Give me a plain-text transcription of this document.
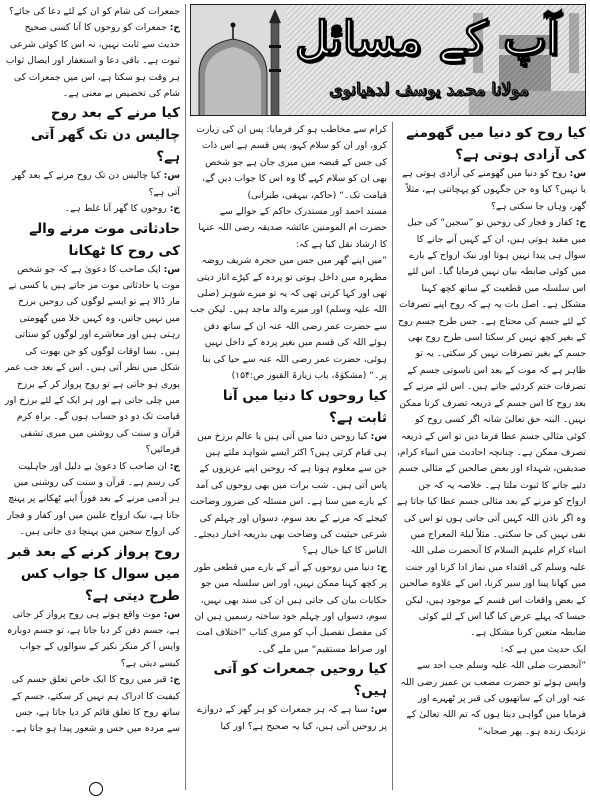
آپ کے مسائل
مولانا محمد یوسف لدھیانوی

کیا روح کو دنیا میں گھومنے کی آزادی ہوتی ہے؟

س: روح کو دنیا میں گھومنے کی آزادی ہوتی ہے یا نہیں؟ کیا وہ جن جگہوں کو پہچانتی ہے، مثلاً گھر، وہاں جا سکتی ہے؟

ج: کفار و فجار کی روحیں تو ”سجین“ کی جیل میں مقید ہوتی ہیں، ان کے کہیں آنے جانے کا سوال ہی پیدا نہیں ہوتا اور نیک ارواح کے بارے میں کوئی ضابطہ بیان نہیں فرمایا گیا۔ اس لئے اس سلسلہ میں قطعیت کے ساتھ کچھ کہنا مشکل ہے۔ اصل بات یہ ہے کہ روح اپنے تصرفات کے لئے جسم کی محتاج ہے۔ جس طرح جسم روح کے بغیر کچھ نہیں کر سکتا اسی طرح روح بھی جسم کے بغیر تصرفات نہیں کر سکتی۔ یہ تو ظاہر ہے کہ موت کے بعد اس ناسوتی جسم کے تصرفات ختم کردئیے جاتے ہیں۔ اس لئے مرنے کے بعد روح کا اس جسم کے ذریعہ تصرف کرنا ممکن نہیں۔ البتہ حق تعالیٰ شانہ اگر کسی روح کو کوئی مثالی جسم عطا فرما دیں تو اس کے ذریعہ تصرف ممکن ہے۔ چنانچہ احادیث میں انبیاء کرام، صدیقین، شہداء اور بعض صالحین کے مثالی جسم دئیے جانے کا ثبوت ملتا ہے۔ خلاصہ یہ کہ جن ارواح کو مرنے کے بعد مثالی جسم عطا کیا جاتا ہے وہ اگر باذن اللہ کہیں آتی جاتی ہوں تو اس کی نفی نہیں کی جا سکتی۔ مثلاً لیلۃ المعراج میں انبیاء کرام علیہم السلام کا آنحضرت صلی اللہ علیہ وسلم کی اقتداء میں نماز ادا کرنا اور جنت میں کھانا پینا اور سیر کرنا، اس کے علاوہ صالحین کے بعض واقعات اس قسم کے موجود ہیں، لیکن جیسا کہ پہلے عرض کیا گیا اس کے لئے کوئی ضابطہ متعین کرنا مشکل ہے۔

ایک حدیث میں ہے کہ:

”آنحضرت صلی اللہ علیہ وسلم جب احد سے واپس ہوئے تو حضرت مصعب بن عمیر رضی اللہ عنہ اور ان کے ساتھیوں کی قبر پر ٹھہرے اور فرمایا میں گواہی دیتا ہوں کہ تم اللہ تعالیٰ کے نزدیک زندہ ہو۔ پھر صحابہ“

کرام سے مخاطب ہو کر فرمایا: پس ان کی زیارت کرو، اور ان کو سلام کہو، پس قسم ہے اس ذات کی جس کے قبضہ میں میری جان ہے جو شخص بھی ان کو سلام کہے گا وہ اس کا جواب دیں گے، قیامت تک۔“ (حاکم، بیہقی، طبرانی)

مسند احمد اور مستدرک حاکم کے حوالے سے حضرت ام المومنین عائشہ صدیقہ رضی اللہ عنہا کا ارشاد نقل کیا ہے کہ:

”میں اپنے گھر میں جس میں حجرہ شریف روضہ مطہرہ میں داخل ہوتی تو پردہ کے کپڑے اتار دیتی تھی اور کہا کرتی تھی کہ یہ تو میرے شوہر (صلی اللہ علیہ وسلم) اور میرے والد ماجد ہیں۔ لیکن جب سے حضرت عمر رضی اللہ عنہ ان کے ساتھ دفن ہوئے اللہ کی قسم میں بغیر پردہ کے داخل نہیں ہوئی، حضرت عمر رضی اللہ عنہ سے حیا کی بنا پر۔“ (مشکوٰۃ، باب زیارۃ القبور ص:۱۵۴)

کیا روحوں کا دنیا میں آنا ثابت ہے؟

س: کیا روحیں دنیا میں آتی ہیں یا عالم برزخ میں ہی قیام کرتی ہیں؟ اکثر ایسے شواہد ملتے ہیں جن سے معلوم ہوتا ہے کہ روحیں اپنے عزیزوں کے پاس آتی ہیں۔ شب برات میں بھی روحوں کی آمد کے بارے میں سنا ہے۔ اس مسئلہ کی ضرور وضاحت کیجئے کہ مرنے کے بعد سوم، دسواں اور چہلم کی شرعی حیثیت کی وضاحت بھی بذریعہ اخبار دیجئے۔

الناس کا کیا خیال ہے؟

ج: دنیا میں روحوں کے آنے کے بارے میں قطعی طور پر کچھ کہنا ممکن نہیں، اور اس سلسلہ میں جو حکایات بیان کی جاتی ہیں ان کی سند بھی نہیں، سوم، دسواں اور چہلم خود ساختہ رسمیں ہیں ان کی مفصل تفصیل آپ کو میری کتاب ”اختلاف امت اور صراط مستقیم“ میں ملے گی۔

کیا روحیں جمعرات کو آتی ہیں؟

س: سنا ہے کہ ہر جمعرات کو ہر گھر کے دروازے پر روحیں آتی ہیں، کیا یہ صحیح ہے؟ اور کیا

جمعرات کی شام کو ان کے لئے دعا کی جائے؟

ج: جمعرات کو روحوں کا آنا کسی صحیح حدیث سے ثابت نہیں، نہ اس کا کوئی شرعی ثبوت ہے۔ باقی دعا و استغفار اور ایصال ثواب ہر وقت ہو سکتا ہے، اس میں جمعرات کی شام کی تخصیص بے معنی ہے۔

کیا مرنے کے بعد روح چالیس دن تک گھر آتی ہے؟

س: کیا چالیس دن تک روح مرنے کے بعد گھر آتی ہے؟

ج: روحوں کا گھر آنا غلط ہے۔

حادثاتی موت مرنے والے کی روح کا ٹھکانا

س: ایک صاحب کا دعویٰ ہے کہ جو شخص موت یا حادثاتی موت مر جاتے ہیں یا کسی نے مار ڈالا ہے تو ایسے لوگوں کی روحیں برزخ میں نہیں جاتیں، وہ کہیں خلا میں گھومتی رہتی ہیں اور معاشرے اور لوگوں کو ستاتی ہیں۔ بسا اوقات لوگوں کو جن بھوت کی شکل میں نظر آتی ہیں۔ اس کے بعد جب عمر پوری ہو جاتی ہے تو روح پرواز کر کے برزخ میں چلی جاتی ہے اور ہر ایک کے لئے برزخ اور قیامت تک دو دو حساب ہوں گے۔ براہِ کرم قرآن و سنت کی روشنی میں میری تشفی فرمائیں؟

ج: ان صاحب کا دعویٰ بے دلیل اور جاہلیت کی رسم ہے۔ قرآن و سنت کی روشنی میں ہر آدمی مرنے کے بعد فوراً اپنے ٹھکانے پر پہنچ جاتا ہے، نیک ارواح علیین میں اور کفار و فجار کی ارواح سجین میں پہنچا دی جاتی ہیں۔

روح پرواز کرنے کے بعد قبر میں سوال کا جواب کس طرح دیتی ہے؟

س: موت واقع ہوتے ہی روح پرواز کر جاتی ہے، جسم دفن کر دیا جاتا ہے، تو جسم دوبارہ واپس آ کر منکر نکیر کے سوالوں کے جواب کیسے دیتی ہے؟

ج: قبر میں روح کا ایک خاص تعلق جسم کی کیفیت کا ادراک ہم نہیں کر سکتے، جسم کے ساتھ روح کا تعلق قائم کر دیا جاتا ہے، جس سے مردہ میں حس و شعور پیدا ہو جاتا ہے۔
